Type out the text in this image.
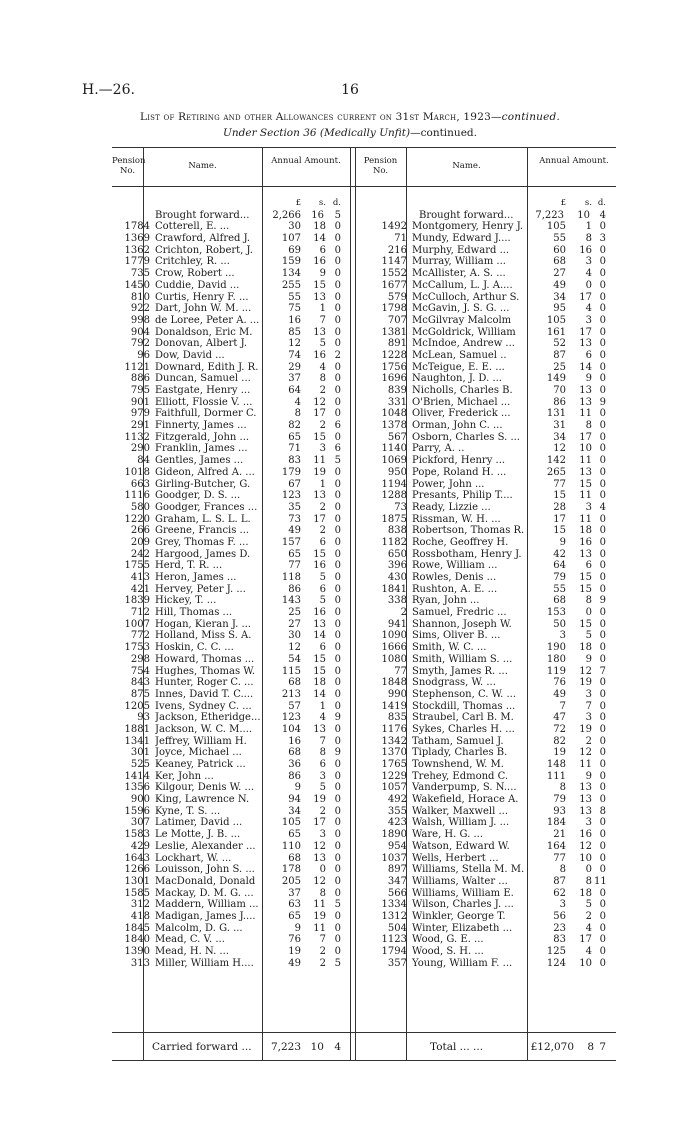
H.—26.	16
List of Retiring and other Allowances current on 31st March, 1923—continued.
Under Section 36 (Medically Unfit)—continued.
Pension No.	Name.	Annual Amount.	Pension No.	Name.	Annual Amount.
£	s. d.	£	s. d.
Brought forward...	2,266	16	5	Brought forward...	7,223	10 4
1784 Cotterell, E. ...	30	18 0	1492 Montgomery, Henry J.	105	1 0
1369 Crawford, Alfred J.	107	14 0	71 Mundy, Edward J....	55	8 3
1362 Crichton, Robert, J.	69	6 0	216 Murphy, Edward ...	60	16 0
1779 Critchley, R. ...	159	16 0	1147 Murray, William ...	68	3 0
735 Crow, Robert ...	134	9 0	1552 McAllister, A. S. ...	27	4 0
1450 Cuddie, David ...	255	15 0	1677 McCallum, L. J. A....	49	0 0
810 Curtis, Henry F. ...	55	13 0	579 McCulloch, Arthur S.	34	17 0
922 Dart, John W. M. ...	75	1 0	1798 McGavin, J. S. G. ...	95	4 0
998 de Loree, Peter A. ...	16	7 0	707 McGilvray Malcolm	105	3 0
904 Donaldson, Eric M.	85	13 0	1381 McGoldrick, William	161	17 0
792 Donovan, Albert J.	12	5 0	891 McIndoe, Andrew ...	52	13 0
96 Dow, David ...	74	16 2	1228 McLean, Samuel ..	87	6 0
1121 Downard, Edith J. R.	29	4 0	1756 McTeigue, E. E. ...	25	14 0
886 Duncan, Samuel ...	37	8 0	1696 Naughton, J. D. ...	149	9 0
795 Eastgate, Henry ...	64	2 0	839 Nicholls, Charles B.	70	13 0
901 Elliott, Flossie V. ...	4	12 0	331 O'Brien, Michael ...	86	13 9
979 Faithfull, Dormer C.	8	17 0	1048 Oliver, Frederick ...	131	11 0
291 Finnerty, James ...	82	2 6	1378 Orman, John C. ...	31	8 0
1132 Fitzgerald, John ...	65	15 0	567 Osborn, Charles S. ...	34	17 0
290 Franklin, James ...	71	3 6	1140 Parry, A. ..	12	10 0
84 Gentles, James ...	83	11 5	1069 Pickford, Henry ...	142	11 0
1018 Gideon, Alfred A. ...	179	19 0	950 Pope, Roland H. ...	265	13 0
663 Girling-Butcher, G.	67	1 0	1194 Power, John ...	77	15 0
1116 Goodger, D. S. ...	123	13 0	1288 Presants, Philip T....	15	11 0
580 Goodger, Frances ...	35	2 0	73 Ready, Lizzie ...	28	3 4
1220 Graham, L. S. L. L.	73	17 0	1875 Rissman, W. H. ...	17	11 0
266 Greene, Francis ...	49	2 0	838 Robertson, Thomas R.	15	18 0
209 Grey, Thomas F. ...	157	6 0	1182 Roche, Geoffrey H.	9	16 0
242 Hargood, James D.	65	15 0	650 Rossbotham, Henry J.	42	13 0
1755 Herd, T. R. ...	77	16 0	396 Rowe, William ...	64	6 0
413 Heron, James ...	118	5 0	430 Rowles, Denis ...	79	15 0
421 Hervey, Peter J. ...	86	6 0	1841 Rushton, A. E. ...	55	15 0
1839 Hickey, T. ...	143	5 0	338 Ryan, John ...	68	8 9
712 Hill, Thomas ...	25	16 0	2 Samuel, Fredric ...	153	0 0
1007 Hogan, Kieran J. ...	27	13 0	941 Shannon, Joseph W.	50	15 0
772 Holland, Miss S. A.	30	14 0	1090 Sims, Oliver B. ...	3	5 0
1753 Hoskin, C. C. ...	12	6 0	1666 Smith, W. C. ...	190	18 0
298 Howard, Thomas ...	54	15 0	1080 Smith, William S. ...	180	9 0
754 Hughes, Thomas W.	115	15 0	77 Smyth, James R. ...	119	12 7
843 Hunter, Roger C. ...	68	18 0	1848 Snodgrass, W. ...	76	19 0
875 Innes, David T. C....	213	14 0	990 Stephenson, C. W. ...	49	3 0
1205 Ivens, Sydney C. ...	57	1 0	1419 Stockdill, Thomas ...	7	7 0
93 Jackson, Etheridge...	123	4 9	835 Straubel, Carl B. M.	47	3 0
1881 Jackson, W. C. M....	104	13 0	1176 Sykes, Charles H. ...	72	19 0
1341 Jeffrey, William H.	16	7 0	1342 Tatham, Samuel J.	82	2 0
301 Joyce, Michael ...	68	8 9	1370 Tiplady, Charles B.	19	12 0
525 Keaney, Patrick ...	36	6 0	1765 Townshend, W. M.	148	11 0
1414 Ker, John ...	86	3 0	1229 Trehey, Edmond C.	111	9 0
1356 Kilgour, Denis W. ...	9	5 0	1057 Vanderpump, S. N....	8	13 0
900 King, Lawrence N.	94	19 0	492 Wakefield, Horace A.	79	13 0
1596 Kyne, T. S. ...	34	2 0	355 Walker, Maxwell ...	93	13 8
307 Latimer, David ...	105	17 0	423 Walsh, William J. ...	184	3 0
1583 Le Motte, J. B. ...	65	3 0	1890 Ware, H. G. ...	21	16 0
429 Leslie, Alexander ...	110	12 0	954 Watson, Edward W.	164	12 0
1643 Lockhart, W. ...	68	13 0	1037 Wells, Herbert ...	77	10 0
1266 Louisson, John S. ...	178	0 0	897 Williams, Stella M. M.	8	0 0
1301 MacDonald, Donald	205	12 0	347 Williams, Walter ...	87	8 11
1585 Mackay, D. M. G. ...	37	8 0	566 Williams, William E.	62	18 0
312 Maddern, William ...	63	11 5	1334 Wilson, Charles J. ...	3	5 0
418 Madigan, James J....	65	19 0	1312 Winkler, George T.	56	2 0
1845 Malcolm, D. G. ...	9	11 0	504 Winter, Elizabeth ...	23	4 0
1840 Mead, C. V. ...	76	7 0	1123 Wood, G. E. ...	83	17 0
1390 Mead, H. N. ...	19	2 0	1794 Wood, S. H. ...	125	4 0
313 Miller, William H....	49	2 5	357 Young, William F. ...	124	10 0
Carried forward ...	7,223 10 4	Total ... ...	£12,070	8 7
